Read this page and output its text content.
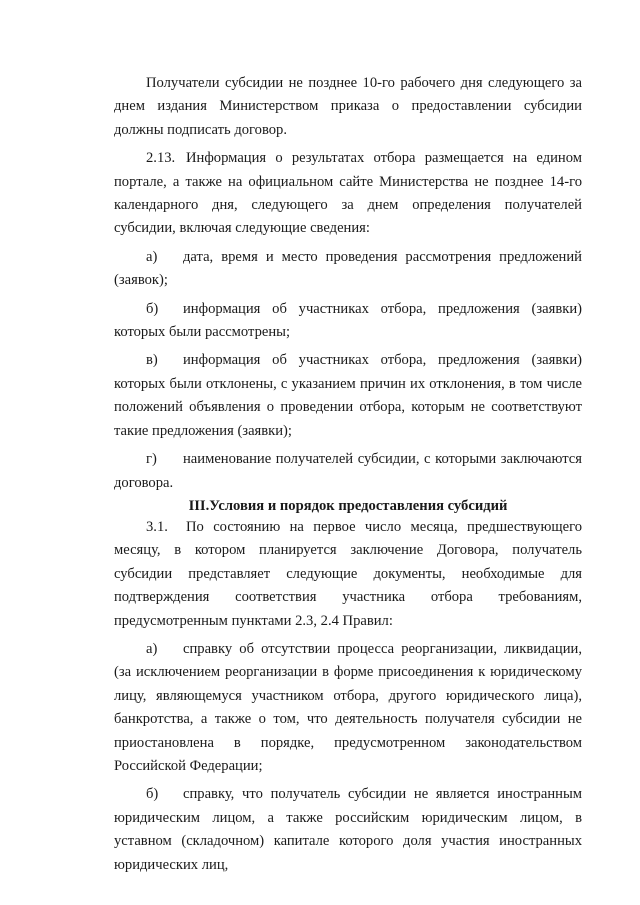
Получатели субсидии не позднее 10-го рабочего дня следующего за днем издания Министерством приказа о предоставлении субсидии должны подписать договор.

2.13. Информация о результатах отбора размещается на едином портале, а также на официальном сайте Министерства не позднее 14-го календарного дня, следующего за днем определения получателей субсидии, включая следующие сведения:

а) дата, время и место проведения рассмотрения предложений (заявок);

б) информация об участниках отбора, предложения (заявки) которых были рассмотрены;

в) информация об участниках отбора, предложения (заявки) которых были отклонены, с указанием причин их отклонения, в том числе положений объявления о проведении отбора, которым не соответствуют такие предложения (заявки);

г) наименование получателей субсидии, с которыми заключаются договора.

III.Условия и порядок предоставления субсидий

3.1. По состоянию на первое число месяца, предшествующего месяцу, в котором планируется заключение Договора, получатель субсидии представляет следующие документы, необходимые для подтверждения соответствия участника отбора требованиям, предусмотренным пунктами 2.3, 2.4 Правил:

а) справку об отсутствии процесса реорганизации, ликвидации, (за исключением реорганизации в форме присоединения к юридическому лицу, являющемуся участником отбора, другого юридического лица), банкротства, а также о том, что деятельность получателя субсидии не приостановлена в порядке, предусмотренном законодательством Российской Федерации;

б) справку, что получатель субсидии не является иностранным юридическим лицом, а также российским юридическим лицом, в уставном (складочном) капитале которого доля участия иностранных юридических лиц,
